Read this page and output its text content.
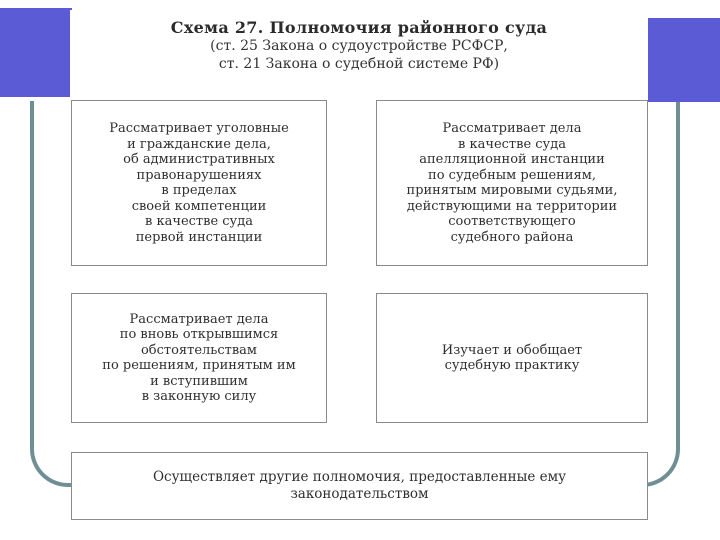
Схема 27. Полномочия районного суда
(ст. 25 Закона о судоустройстве РСФСР,
ст. 21 Закона о судебной системе РФ)
Рассматривает уголовные
и гражданские дела,
об административных
правонарушениях
в пределах
своей компетенции
в качестве суда
первой инстанции
Рассматривает дела
в качестве суда
апелляционной инстанции
по судебным решениям,
принятым мировыми судьями,
действующими на территории
соответствующего
судебного района
Рассматривает дела
по вновь открывшимся
обстоятельствам
по решениям, принятым им
и вступившим
в законную силу
Изучает и обобщает
судебную практику
Осуществляет другие полномочия, предоставленные ему
законодательством
